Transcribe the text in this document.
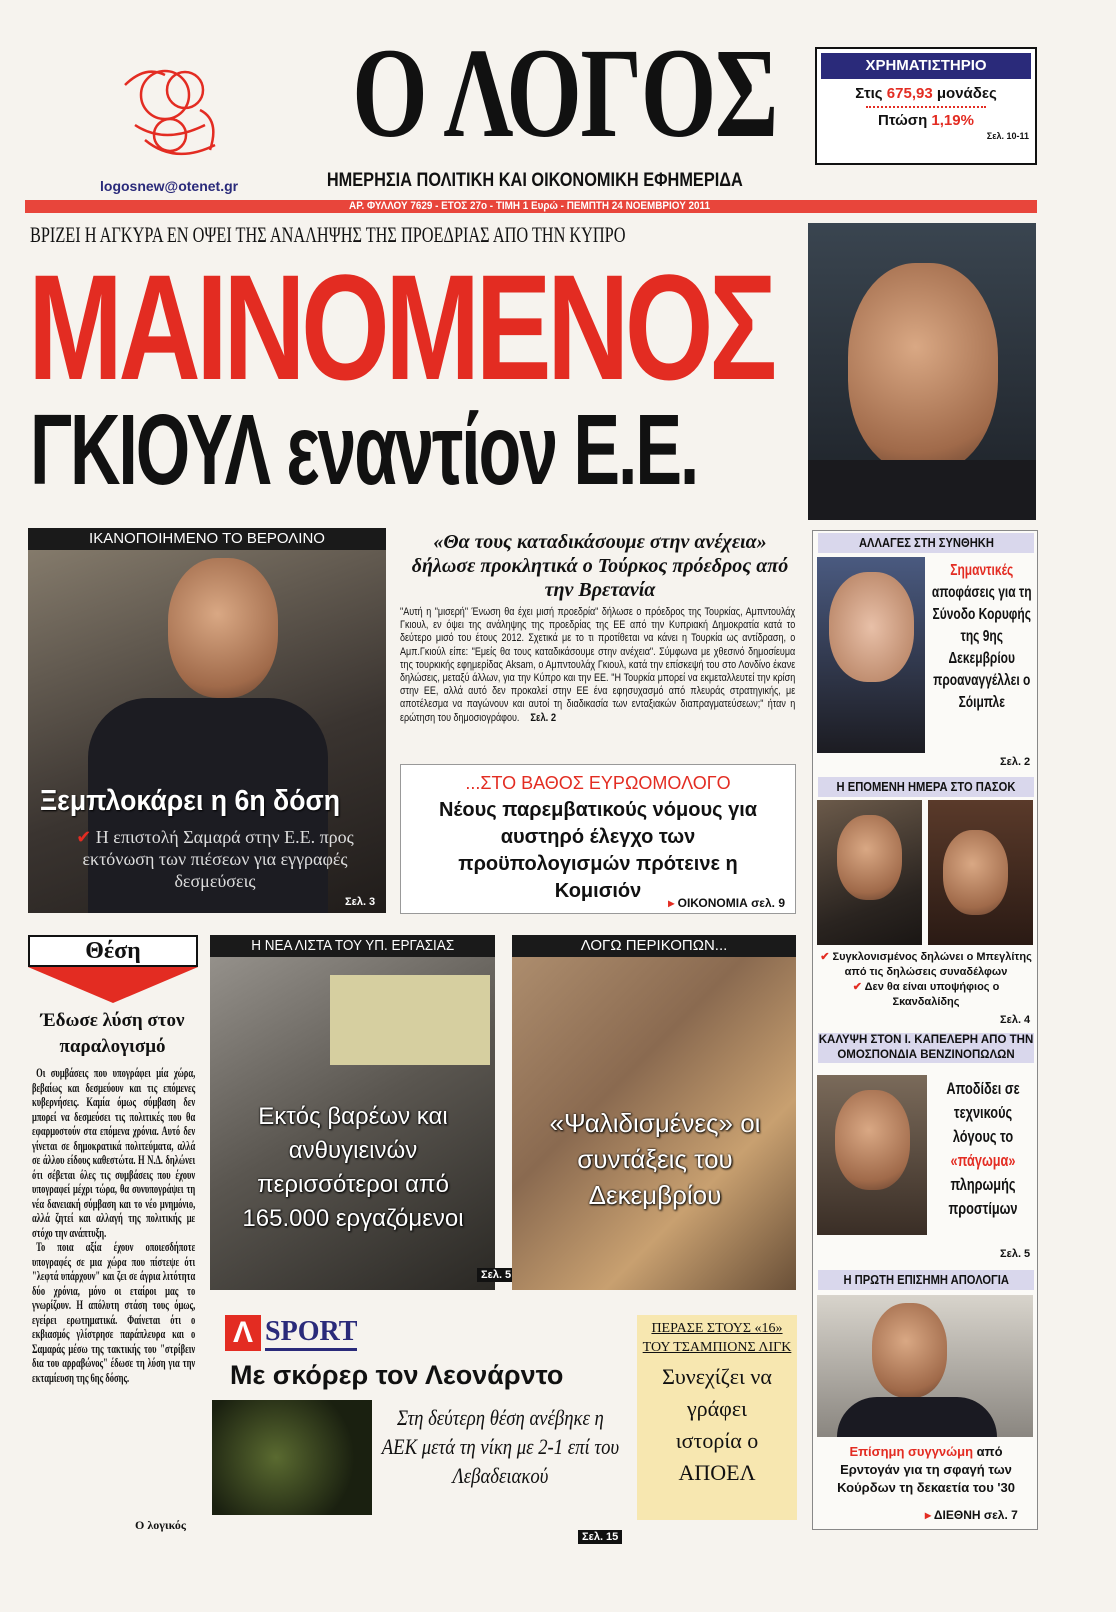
logosnew@otenet.gr
Ο ΛΟΓΟΣ
ΗΜΕΡΗΣΙΑ ΠΟΛΙΤΙΚΗ ΚΑΙ ΟΙΚΟΝΟΜΙΚΗ ΕΦΗΜΕΡΙΔΑ
ΧΡΗΜΑΤΙΣΤΗΡΙΟ
Στις 675,93 μονάδες
Πτώση 1,19%
Σελ. 10-11
ΑΡ. ΦΥΛΛΟΥ 7629 - ΕΤΟΣ 27ο - ΤΙΜΗ 1 Ευρώ - ΠΕΜΠΤΗ 24 ΝΟΕΜΒΡΙΟΥ 2011
ΒΡΙΖΕΙ Η ΑΓΚΥΡΑ ΕΝ ΟΨΕΙ ΤΗΣ ΑΝΑΛΗΨΗΣ ΤΗΣ ΠΡΟΕΔΡΙΑΣ ΑΠΟ ΤΗΝ ΚΥΠΡΟ
ΜΑΙΝΟΜΕΝΟΣ
ΓΚΙΟΥΛ εναντίον Ε.Ε.
ΙΚΑΝΟΠΟΙΗΜΕΝΟ ΤΟ ΒΕΡΟΛΙΝΟ
Ξεμπλοκάρει η 6η δόση
✔ Η επιστολή Σαμαρά στην Ε.Ε. προς εκτόνωση των πιέσεων για εγγραφές δεσμεύσεις
Σελ. 3
«Θα τους καταδικάσουμε στην ανέχεια» δήλωσε προκλητικά ο Τούρκος πρόεδρος από την Βρετανία
"Αυτή η "μισερή" Ένωση θα έχει μισή προεδρία" δήλωσε ο πρόεδρος της Τουρκίας, Αμπντουλάχ Γκιουλ, εν όψει της ανάληψης της προεδρίας της ΕΕ από την Κυπριακή Δημοκρατία κατά το δεύτερο μισό του έτους 2012. Σχετικά με το τι προτίθεται να κάνει η Τουρκία ως αντίδραση, ο Αμπ.Γκιούλ είπε: "Εμείς θα τους καταδικάσουμε στην ανέχεια". Σύμφωνα με χθεσινό δημοσίευμα της τουρκικής εφημερίδας Aksam, ο Αμπντουλάχ Γκιουλ, κατά την επίσκεψή του στο Λονδίνο έκανε δηλώσεις, μεταξύ άλλων, για την Κύπρο και την ΕΕ. "Η Τουρκία μπορεί να εκμεταλλευτεί την κρίση στην ΕΕ, αλλά αυτό δεν προκαλεί στην ΕΕ ένα εφησυχασμό από πλευράς στρατηγικής, με αποτέλεσμα να παγώνουν και αυτοί τη διαδικασία των ενταξιακών διαπραγματεύσεων;" ήταν η ερώτηση του δημοσιογράφου. Σελ. 2
...ΣΤΟ ΒΑΘΟΣ ΕΥΡΩΟΜΟΛΟΓΟ
Νέους παρεμβατικούς νόμους για αυστηρό έλεγχο των προϋπολογισμών πρότεινε η Κομισιόν
▸ ΟΙΚΟΝΟΜΙΑ σελ. 9
ΑΛΛΑΓΕΣ ΣΤΗ ΣΥΝΘΗΚΗ
Σημαντικές αποφάσεις για τη Σύνοδο Κορυφής της 9ης Δεκεμβρίου προαναγγέλλει ο Σόιμπλε
Σελ. 2
Η ΕΠΟΜΕΝΗ ΗΜΕΡΑ ΣΤΟ ΠΑΣΟΚ
✔ Συγκλονισμένος δηλώνει ο Μπεγλίτης από τις δηλώσεις συναδέλφων
✔ Δεν θα είναι υποψήφιος ο Σκανδαλίδης
Σελ. 4
ΚΑΛΥΨΗ ΣΤΟΝ Ι. ΚΑΠΕΛΕΡΗ ΑΠΟ ΤΗΝ ΟΜΟΣΠΟΝΔΙΑ ΒΕΝΖΙΝΟΠΩΛΩΝ
Αποδίδει σε τεχνικούς λόγους το «πάγωμα» πληρωμής προστίμων
Σελ. 5
Η ΠΡΩΤΗ ΕΠΙΣΗΜΗ ΑΠΟΛΟΓΙΑ
Επίσημη συγγνώμη από Ερντογάν για τη σφαγή των Κούρδων τη δεκαετία του '30
▸ ΔΙΕΘΝΗ σελ. 7
Θέση
Έδωσε λύση στον παραλογισμό
Οι συμβάσεις που υπογράφει μία χώρα, βεβαίως και δεσμεύουν και τις επόμενες κυβερνήσεις. Καμία όμως σύμβαση δεν μπορεί να δεσμεύσει τις πολιτικές που θα εφαρμοστούν στα επόμενα χρόνια. Αυτό δεν γίνεται σε δημοκρατικά πολιτεύματα, αλλά σε άλλου είδους καθεστώτα. Η Ν.Δ. δηλώνει ότι σέβεται όλες τις συμβάσεις που έχουν υπογραφεί μέχρι τώρα, θα συνυπογράψει τη νέα δανειακή σύμβαση και το νέο μνημόνιο, αλλά ζητεί και αλλαγή της πολιτικής με στόχο την ανάπτυξη.
Το ποια αξία έχουν οποιεσδήποτε υπογραφές σε μια χώρα που πίστεψε ότι "λεφτά υπάρχουν" και ζει σε άγρια λιτότητα δύο χρόνια, μόνο οι εταίροι μας το γνωρίζουν. Η απόλυτη στάση τους όμως, εγείρει ερωτηματικά. Φαίνεται ότι ο εκβιασμός γλίστρησε παράπλευρα και ο Σαμαράς μέσω της τακτικής του "στρίβειν δια του αρραβώνος" έδωσε τη λύση για την εκταμίευση της 6ης δόσης.
Ο λογικός
Η ΝΕΑ ΛΙΣΤΑ ΤΟΥ ΥΠ. ΕΡΓΑΣΙΑΣ
Εκτός βαρέων και ανθυγιεινών περισσότεροι από 165.000 εργαζόμενοι
Σελ. 5
ΛΟΓΩ ΠΕΡΙΚΟΠΩΝ...
«Ψαλιδισμένες» οι συντάξεις του Δεκεμβρίου
Λ SPORT
Με σκόρερ τον Λεονάρντο
Στη δεύτερη θέση ανέβηκε η ΑΕΚ μετά τη νίκη με 2-1 επί του Λεβαδειακού
Σελ. 15
ΠΕΡΑΣΕ ΣΤΟΥΣ «16» ΤΟΥ ΤΣΑΜΠΙΟΝΣ ΛΙΓΚ
Συνεχίζει να γράφει ιστορία ο ΑΠΟΕΛ
